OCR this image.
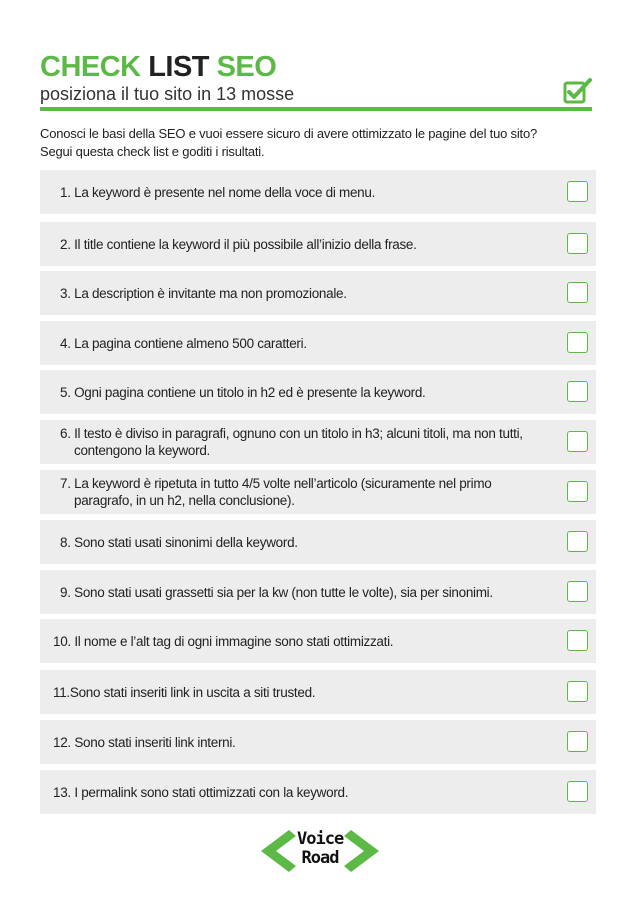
CHECK LIST SEO
posiziona il tuo sito in 13 mosse
Conosci le basi della SEO e vuoi essere sicuro di avere ottimizzato le pagine del tuo sito?
Segui questa check list e goditi i risultati.
1. La keyword è presente nel nome della voce di menu.
2. Il title contiene la keyword il più possibile all’inizio della frase.
3. La description è invitante ma non promozionale.
4. La pagina contiene almeno 500 caratteri.
5. Ogni pagina contiene un titolo in h2 ed è presente la keyword.
6. Il testo è diviso in paragrafi, ognuno con un titolo in h3; alcuni titoli, ma non tutti,
contengono la keyword.
7. La keyword è ripetuta in tutto 4/5 volte nell’articolo (sicuramente nel primo
paragrafo, in un h2, nella conclusione).
8. Sono stati usati sinonimi della keyword.
9. Sono stati usati grassetti sia per la kw (non tutte le volte), sia per sinonimi.
10. Il nome e l’alt tag di ogni immagine sono stati ottimizzati.
11.Sono stati inseriti link in uscita a siti trusted.
12. Sono stati inseriti link interni.
13. I permalink sono stati ottimizzati con la keyword.
Voice
Road
